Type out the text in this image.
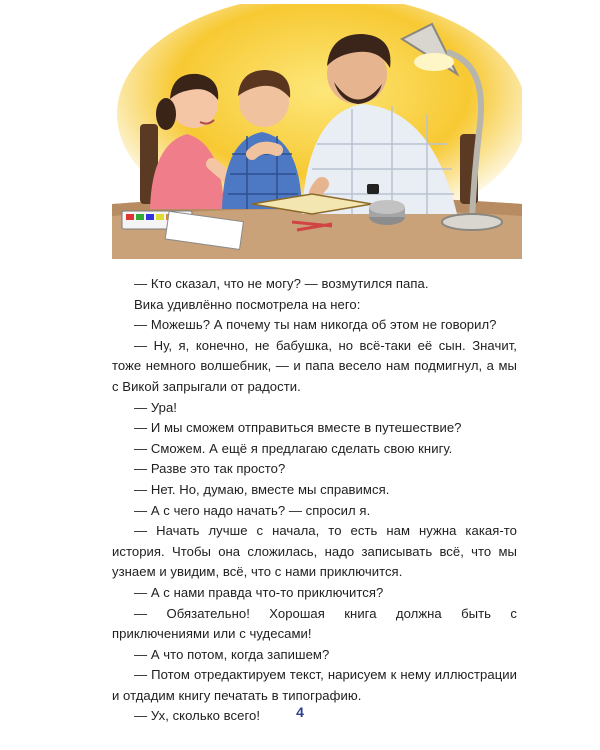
— Кто сказал, что не могу? — возмутился папа.

Вика удивлённо посмотрела на него:

— Можешь? А почему ты нам никогда об этом не говорил?

— Ну, я, конечно, не бабушка, но всё-таки её сын. Значит, тоже немного волшебник, — и папа весело нам подмигнул, а мы с Викой запрыгали от радости.

— Ура!

— И мы сможем отправиться вместе в путешествие?

— Сможем. А ещё я предлагаю сделать свою книгу.

— Разве это так просто?

— Нет. Но, думаю, вместе мы справимся.

— А с чего надо начать? — спросил я.

— Начать лучше с начала, то есть нам нужна какая-то история. Чтобы она сложилась, надо записывать всё, что мы узнаем и увидим, всё, что с нами приключится.

— А с нами правда что-то приключится?

— Обязательно! Хорошая книга должна быть с приключениями или с чудесами!

— А что потом, когда запишем?

— Потом отредактируем текст, нарисуем к нему иллюстрации и отдадим книгу печатать в типографию.

— Ух, сколько всего!	4
